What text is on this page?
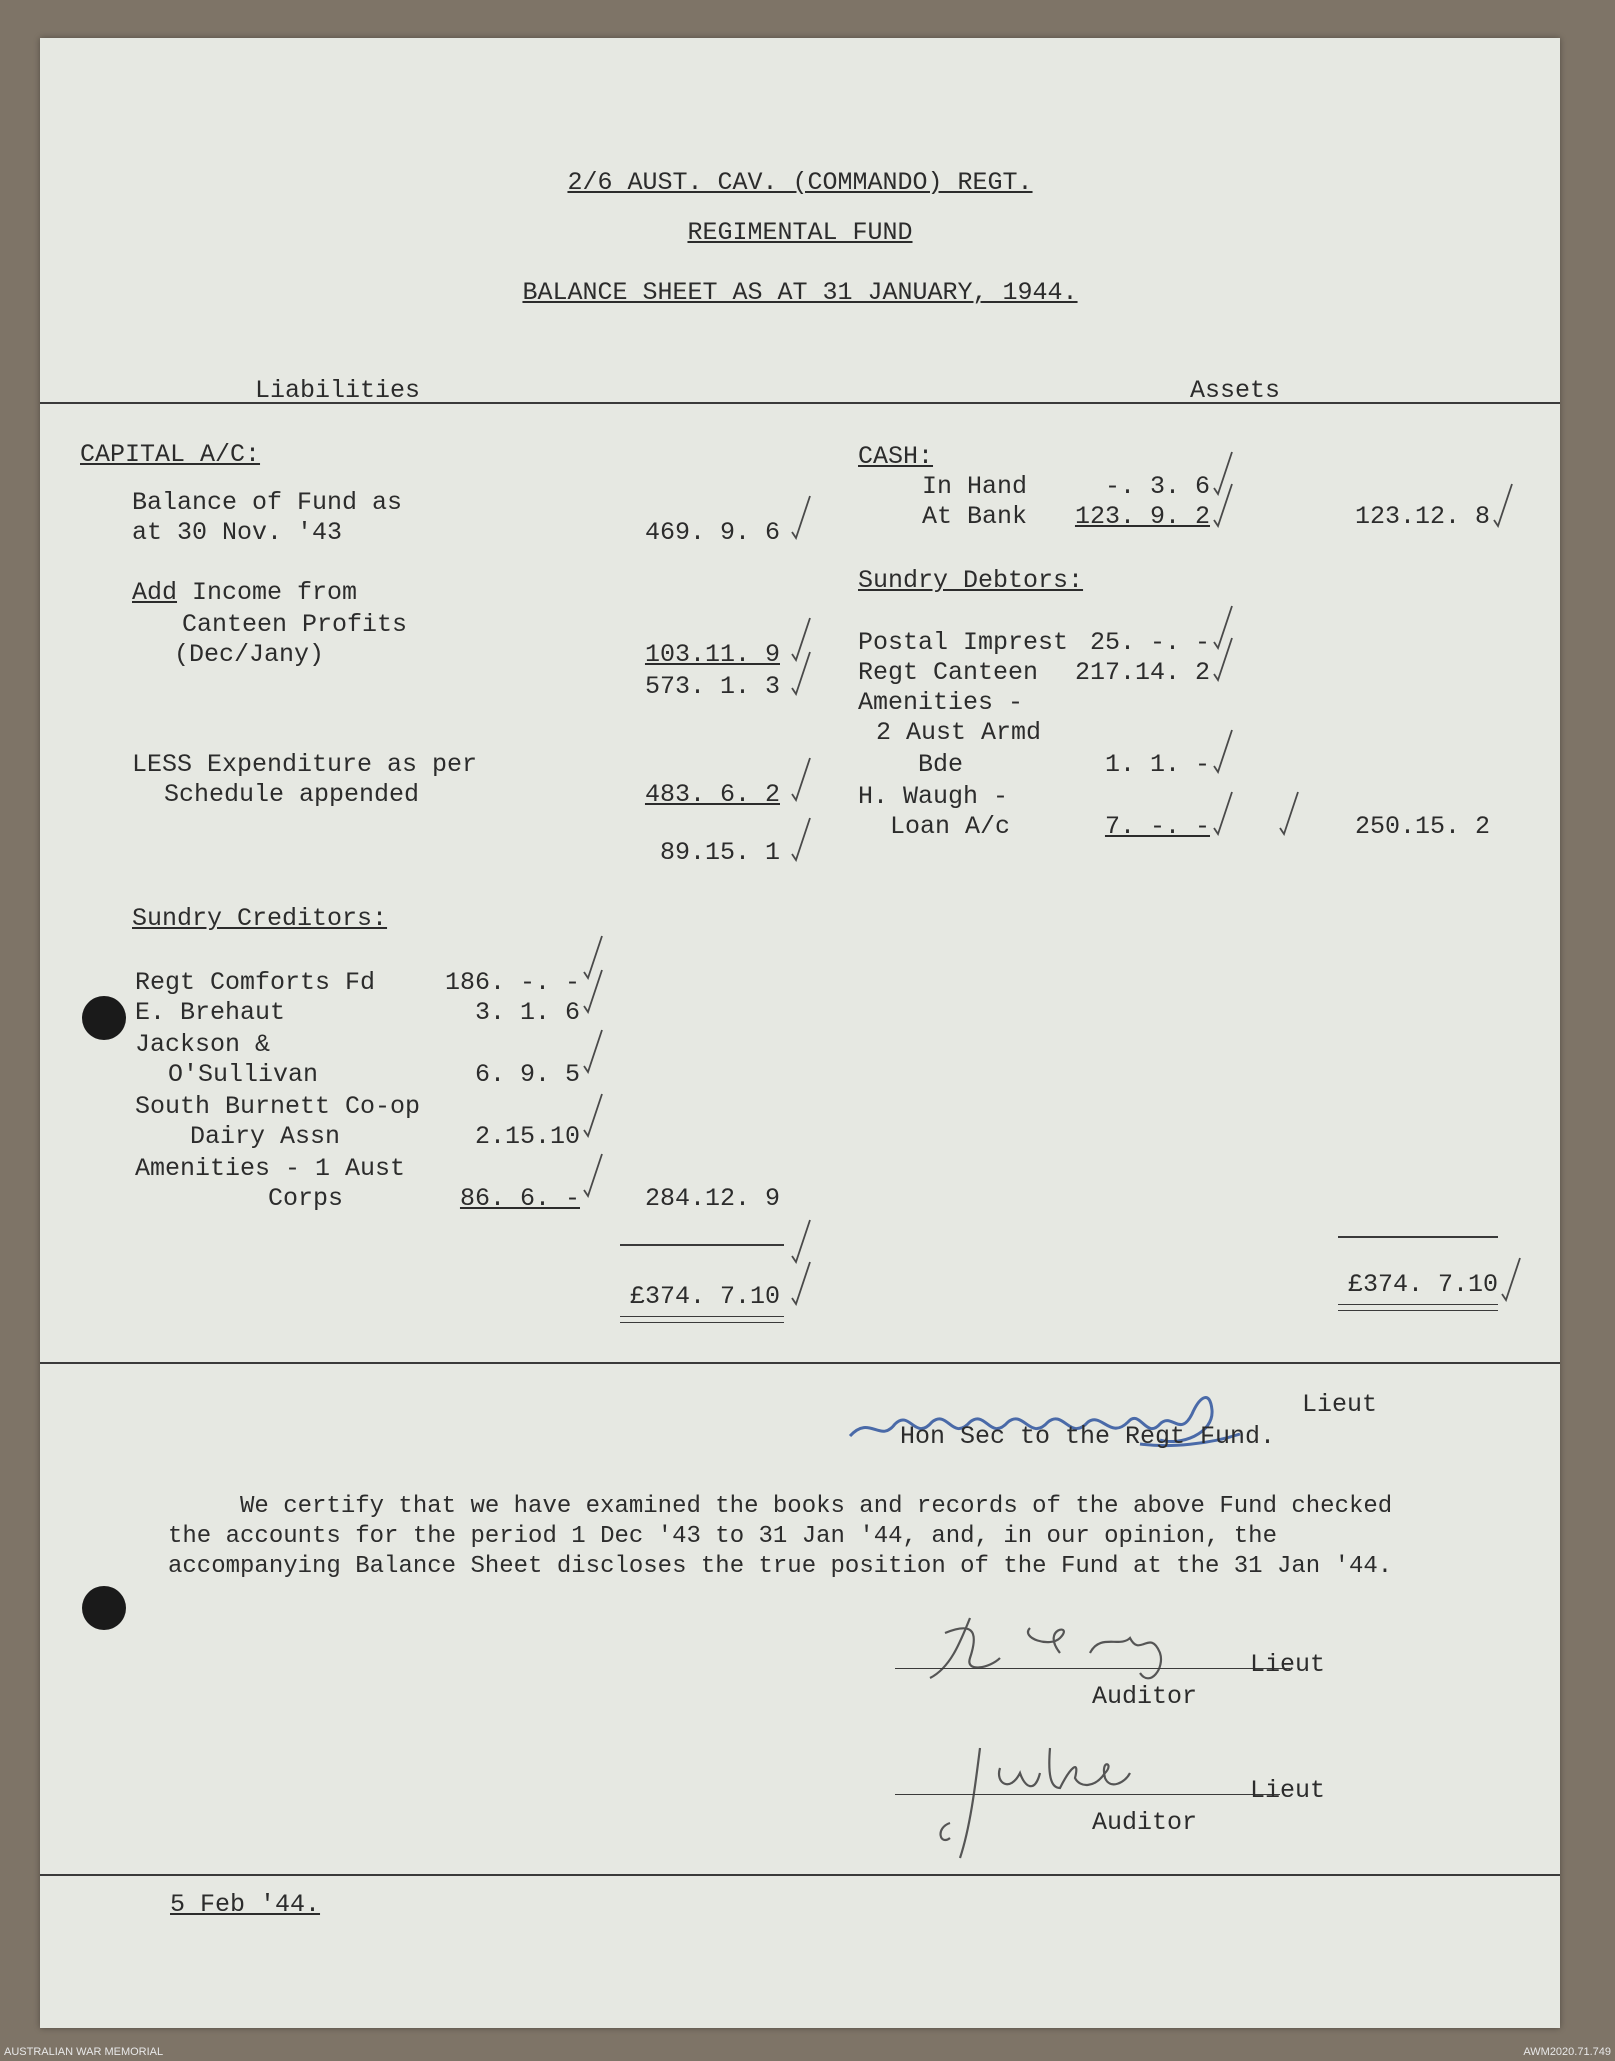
2/6 AUST. CAV. (COMMANDO) REGT.
REGIMENTAL FUND
BALANCE SHEET AS AT 31 JANUARY, 1944.
Liabilities	Assets
CAPITAL A/C:
Balance of Fund as
at 30 Nov. '43	469. 9. 6
Add Income from
Canteen Profits
(Dec/Jany)	103.11. 9
573. 1. 3
LESS Expenditure as per
Schedule appended	483. 6. 2
89.15. 1
Sundry Creditors:
Regt Comforts Fd	186. -. -
E. Brehaut	3. 1. 6
Jackson &
O'Sullivan	6. 9. 5
South Burnett Co-op
Dairy Assn	2.15.10
Amenities - 1 Aust
Corps	86. 6. -	284.12. 9
£374. 7.10
CASH:
In Hand	-. 3. 6
At Bank	123. 9. 2	123.12. 8
Sundry Debtors:
Postal Imprest 25. -. -
Regt Canteen	217.14. 2
Amenities -
2 Aust Armd
Bde	1. 1. -
H. Waugh -
Loan A/c	7. -. -	250.15. 2
£374. 7.10
Lieut
Hon Sec to the Regt Fund.
We certify that we have examined the books and records of the above Fund checked
the accounts for the period 1 Dec '43 to 31 Jan '44, and, in our opinion, the
accompanying Balance Sheet discloses the true position of the Fund at the 31 Jan '44.
Lieut
Auditor
Lieut
Auditor
5 Feb '44.
AUSTRALIAN WAR MEMORIAL	AWM2020.71.749
